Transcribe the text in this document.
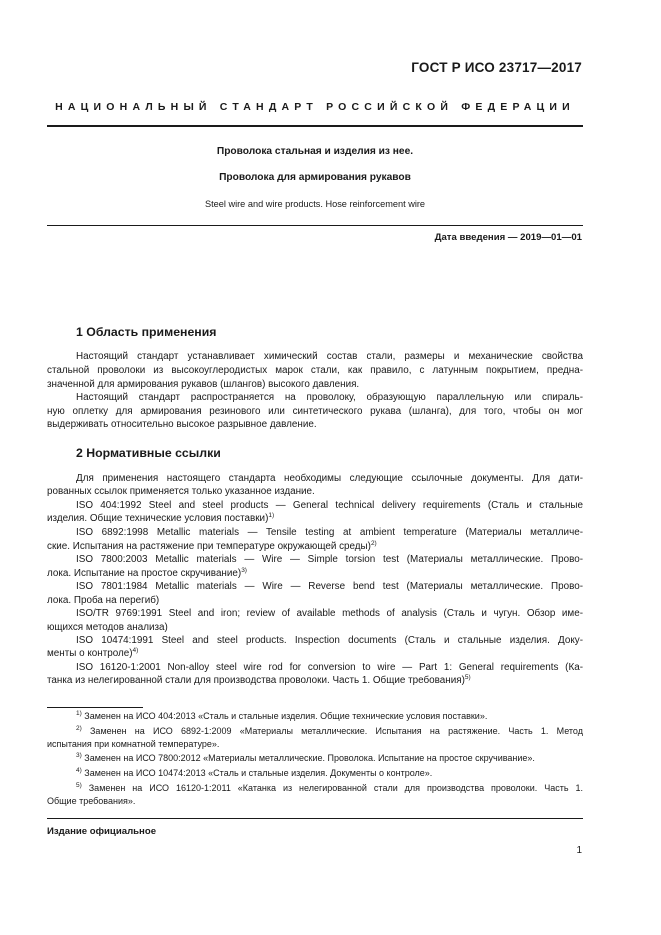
ГОСТ Р ИСО 23717—2017
НАЦИОНАЛЬНЫЙ СТАНДАРТ РОССИЙСКОЙ ФЕДЕРАЦИИ
Проволока стальная и изделия из нее.
Проволока для армирования рукавов
Steel wire and wire products. Hose reinforcement wire
Дата введения — 2019—01—01
1 Область применения
Настоящий стандарт устанавливает химический состав стали, размеры и механические свойства
стальной проволоки из высокоуглеродистых марок стали, как правило, с латунным покрытием, предна-
значенной для армирования рукавов (шлангов) высокого давления.
Настоящий стандарт распространяется на проволоку, образующую параллельную или спираль-
ную оплетку для армирования резинового или синтетического рукава (шланга), для того, чтобы он мог
выдерживать относительно высокое разрывное давление.
2 Нормативные ссылки
Для применения настоящего стандарта необходимы следующие ссылочные документы. Для дати-
рованных ссылок применяется только указанное издание.
ISO 404:1992 Steel and steel products — General technical delivery requirements (Сталь и стальные
изделия. Общие технические условия поставки)$^{1)}$
ISO 6892:1998 Metallic materials — Tensile testing at ambient temperature (Материалы металличе-
ские. Испытания на растяжение при температуре окружающей среды)$^{2)}$
ISO 7800:2003 Metallic materials — Wire — Simple torsion test (Материалы металлические. Прово-
лока. Испытание на простое скручивание)$^{3)}$
ISO 7801:1984 Metallic materials — Wire — Reverse bend test (Материалы металлические. Прово-
лока. Проба на перегиб)
ISO/TR 9769:1991 Steel and iron; review of available methods of analysis (Сталь и чугун. Обзор име-
ющихся методов анализа)
ISO 10474:1991 Steel and steel products. Inspection documents (Сталь и стальные изделия. Доку-
менты о контроле)$^{4)}$
ISO 16120-1:2001 Non-alloy steel wire rod for conversion to wire — Part 1: General requirements (Ка-
танка из нелегированной стали для производства проволоки. Часть 1. Общие требования)$^{5)}$
$^{1)}$ Заменен на ИСО 404:2013 «Сталь и стальные изделия. Общие технические условия поставки».
$^{2)}$ Заменен на ИСО 6892-1:2009 «Материалы металлические. Испытания на растяжение. Часть 1. Метод
испытания при комнатной температуре».
$^{3)}$ Заменен на ИСО 7800:2012 «Материалы металлические. Проволока. Испытание на простое скручивание».
$^{4)}$ Заменен на ИСО 10474:2013 «Сталь и стальные изделия. Документы о контроле».
$^{5)}$ Заменен на ИСО 16120-1:2011 «Катанка из нелегированной стали для производства проволоки. Часть 1.
Общие требования».
Издание официальное
1
